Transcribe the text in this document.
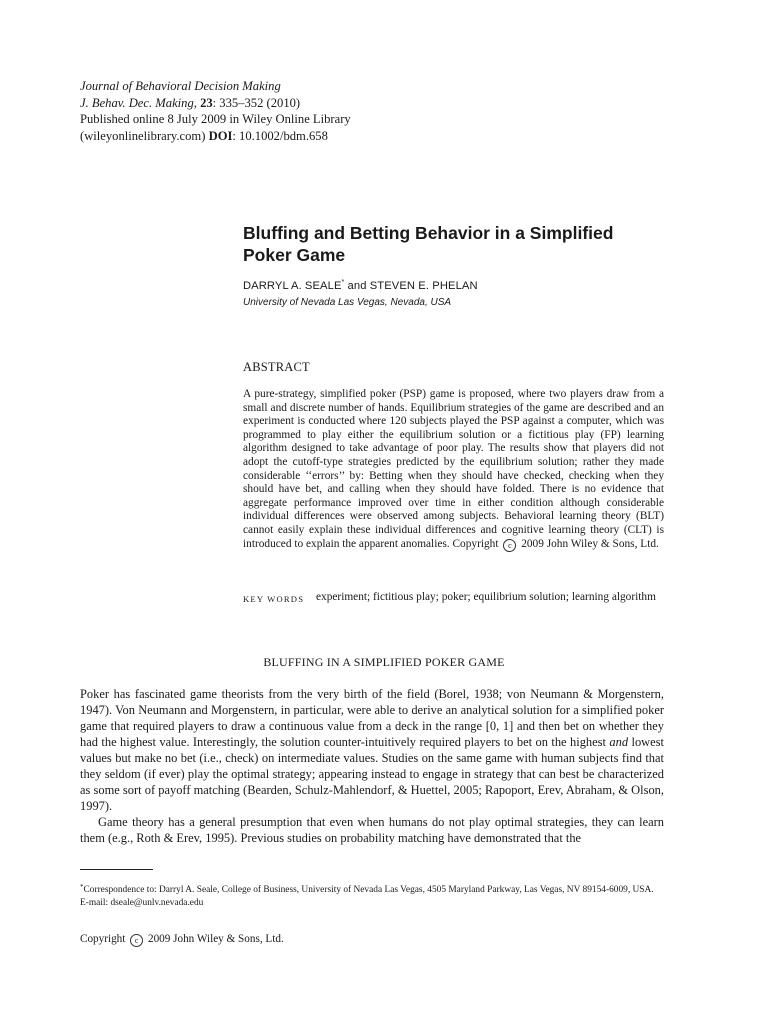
Journal of Behavioral Decision Making
J. Behav. Dec. Making, 23: 335–352 (2010)
Published online 8 July 2009 in Wiley Online Library
(wileyonlinelibrary.com) DOI: 10.1002/bdm.658
Bluffing and Betting Behavior in a Simplified
Poker Game
DARRYL A. SEALE* and STEVEN E. PHELAN
University of Nevada Las Vegas, Nevada, USA
ABSTRACT
A pure-strategy, simplified poker (PSP) game is proposed, where two players draw from a small and discrete number of hands. Equilibrium strategies of the game are described and an experiment is conducted where 120 subjects played the PSP against a computer, which was programmed to play either the equilibrium solution or a fictitious play (FP) learning algorithm designed to take advantage of poor play. The results show that players did not adopt the cutoff-type strategies predicted by the equilibrium solution; rather they made considerable ‘‘errors’’ by: Betting when they should have checked, checking when they should have bet, and calling when they should have folded. There is no evidence that aggregate performance improved over time in either condition although considerable individual differences were observed among subjects. Behavioral learning theory (BLT) cannot easily explain these individual differences and cognitive learning theory (CLT) is introduced to explain the apparent anomalies. Copyright c 2009 John Wiley & Sons, Ltd.
KEY WORDS experiment; fictitious play; poker; equilibrium solution; learning algorithm
BLUFFING IN A SIMPLIFIED POKER GAME

Poker has fascinated game theorists from the very birth of the field (Borel, 1938; von Neumann & Morgenstern, 1947). Von Neumann and Morgenstern, in particular, were able to derive an analytical solution for a simplified poker game that required players to draw a continuous value from a deck in the range [0, 1] and then bet on whether they had the highest value. Interestingly, the solution counter-intuitively required players to bet on the highest and lowest values but make no bet (i.e., check) on intermediate values. Studies on the same game with human subjects find that they seldom (if ever) play the optimal strategy; appearing instead to engage in strategy that can best be characterized as some sort of payoff matching (Bearden, Schulz-Mahlendorf, & Huettel, 2005; Rapoport, Erev, Abraham, & Olson, 1997).

Game theory has a general presumption that even when humans do not play optimal strategies, they can learn them (e.g., Roth & Erev, 1995). Previous studies on probability matching have demonstrated that the

*Correspondence to: Darryl A. Seale, College of Business, University of Nevada Las Vegas, 4505 Maryland Parkway, Las Vegas, NV 89154-6009, USA. E-mail: dseale@unlv.nevada.edu
Copyright c 2009 John Wiley & Sons, Ltd.
